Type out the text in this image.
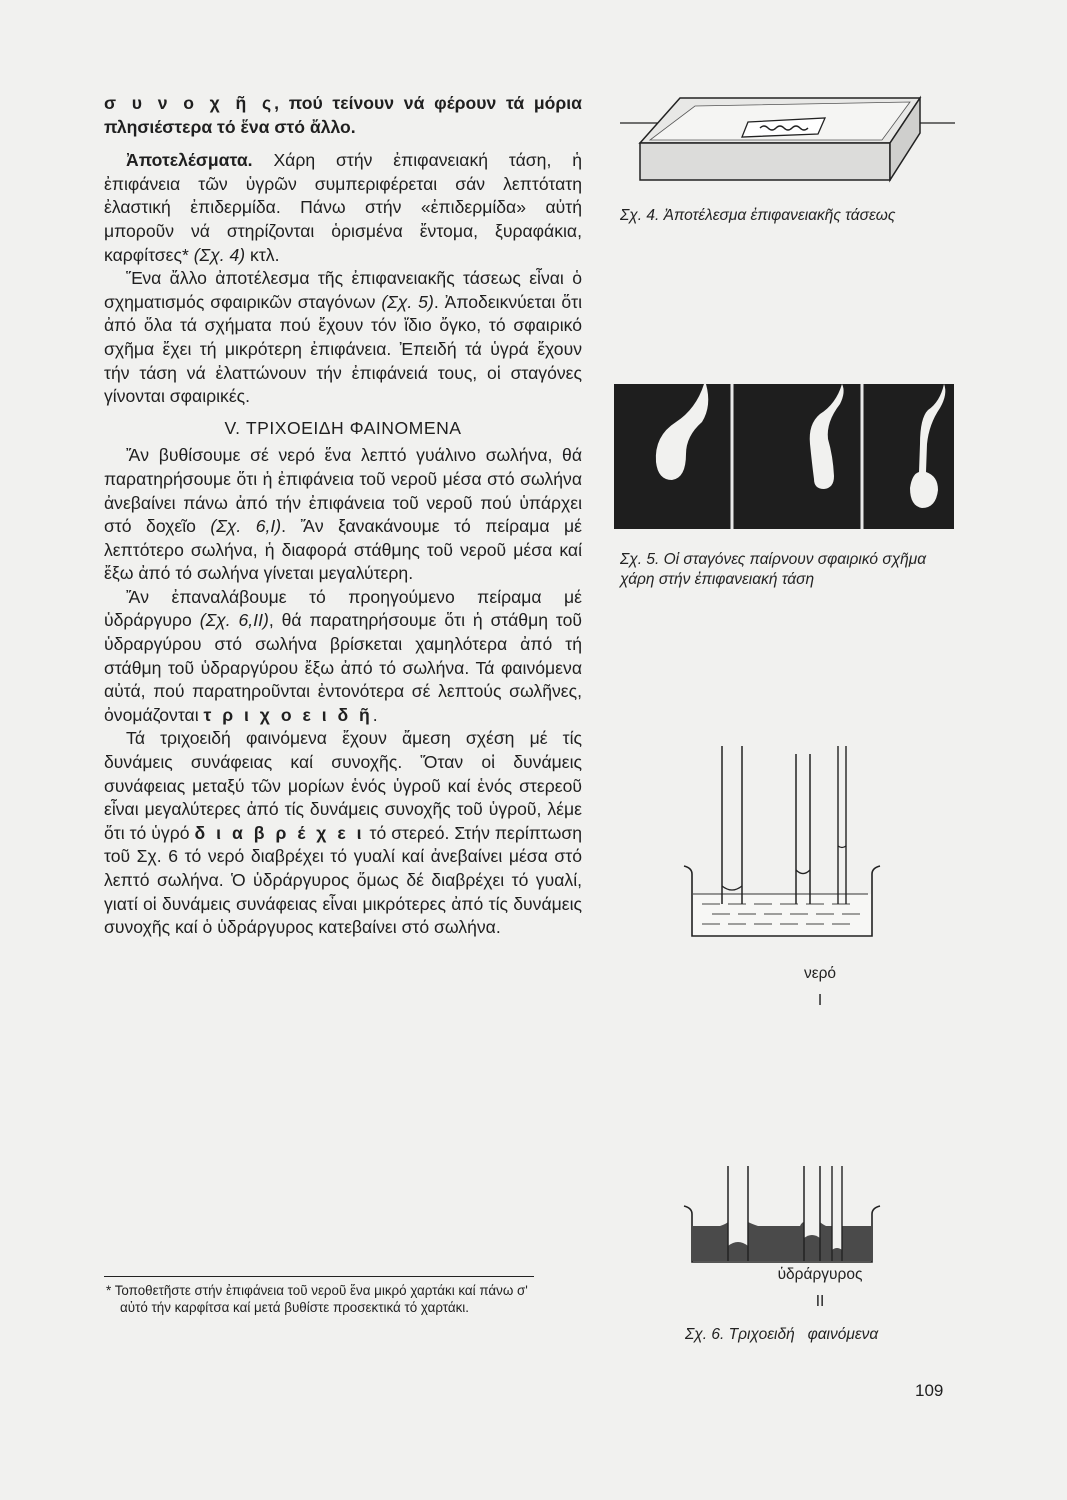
σ υ ν ο χ ῆ ς, πού τείνουν νά φέρουν τά μόρια πλησιέστερα τό ἕνα στό ἄλλο.

Ἀποτελέσματα. Χάρη στήν ἐπιφανειακή τάση, ἡ ἐπιφάνεια τῶν ὑγρῶν συμπεριφέρεται σάν λεπτότατη ἐλαστική ἐπιδερμίδα. Πάνω στήν «ἐπιδερμίδα» αὐτή μποροῦν νά στηρίζονται ὁρισμένα ἔντομα, ξυραφάκια, καρφίτσες* (Σχ. 4) κτλ.

Ἕνα ἄλλο ἀποτέλεσμα τῆς ἐπιφανειακῆς τάσεως εἶναι ὁ σχηματισμός σφαιρικῶν σταγόνων (Σχ. 5). Ἀποδεικνύεται ὅτι ἀπό ὅλα τά σχήματα πού ἔχουν τόν ἴδιο ὄγκο, τό σφαιρικό σχῆμα ἔχει τή μικρότερη ἐπιφάνεια. Ἐπειδή τά ὑγρά ἔχουν τήν τάση νά ἐλαττώνουν τήν ἐπιφάνειά τους, οἱ σταγόνες γίνονται σφαιρικές.

V. ΤΡΙΧΟΕΙΔΗ ΦΑΙΝΟΜΕΝΑ

Ἄν βυθίσουμε σέ νερό ἕνα λεπτό γυάλινο σωλήνα, θά παρατηρήσουμε ὅτι ἡ ἐπιφάνεια τοῦ νεροῦ μέσα στό σωλήνα ἀνεβαίνει πάνω ἀπό τήν ἐπιφάνεια τοῦ νεροῦ πού ὑπάρχει στό δοχεῖο (Σχ. 6,I). Ἄν ξανακάνουμε τό πείραμα μέ λεπτότερο σωλήνα, ἡ διαφορά στάθμης τοῦ νεροῦ μέσα καί ἔξω ἀπό τό σωλήνα γίνεται μεγαλύτερη.

Ἄν ἐπαναλάβουμε τό προηγούμενο πείραμα μέ ὑδράργυρο (Σχ. 6,II), θά παρατηρήσουμε ὅτι ἡ στάθμη τοῦ ὑδραργύρου στό σωλήνα βρίσκεται χαμηλότερα ἀπό τή στάθμη τοῦ ὑδραργύρου ἔξω ἀπό τό σωλήνα. Τά φαινόμενα αὐτά, πού παρατηροῦνται ἐντονότερα σέ λεπτούς σωλῆνες, ὀνομάζονται τ ρ ι χ ο ε ι δ ῆ.

Τά τριχοειδή φαινόμενα ἔχουν ἄμεση σχέση μέ τίς δυνάμεις συνάφειας καί συνοχῆς. Ὅταν οἱ δυνάμεις συνάφειας μεταξύ τῶν μορίων ἑνός ὑγροῦ καί ἑνός στερεοῦ εἶναι μεγαλύτερες ἀπό τίς δυνάμεις συνοχῆς τοῦ ὑγροῦ, λέμε ὅτι τό ὑγρό δ ι α β ρ έ χ ε ι τό στερεό. Στήν περίπτωση τοῦ Σχ. 6 τό νερό διαβρέχει τό γυαλί καί ἀνεβαίνει μέσα στό λεπτό σωλήνα. Ὁ ὑδράργυρος ὅμως δέ διαβρέχει τό γυαλί, γιατί οἱ δυνάμεις συνάφειας εἶναι μικρότερες ἀπό τίς δυνάμεις συνοχῆς καί ὁ ὑδράργυρος κατεβαίνει στό σωλήνα.

* Τοποθετῆστε στήν ἐπιφάνεια τοῦ νεροῦ ἕνα μικρό χαρτάκι καί πάνω σ' αὐτό τήν καρφίτσα καί μετά βυθίστε προσεκτικά τό χαρτάκι.

Σχ. 4. Ἀποτέλεσμα ἐπιφανειακῆς τάσεως
Σχ. 5. Οἱ σταγόνες παίρνουν σφαιρικό σχῆμα χάρη στήν ἐπιφανειακή τάση
νερό
I
ὑδράργυρος
II
Σχ. 6. Τριχοειδή   φαινόμενα
109
